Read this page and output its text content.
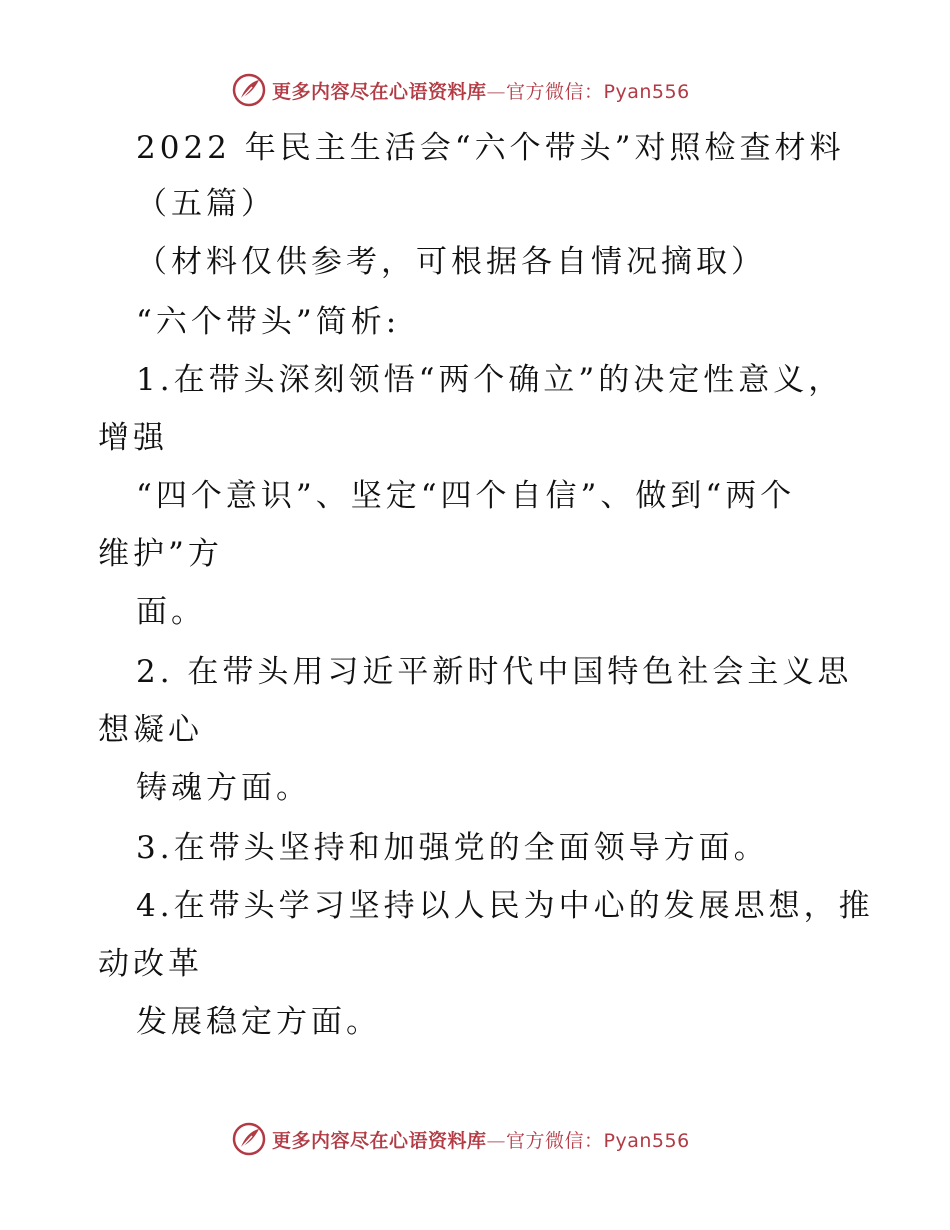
更多内容尽在心语资料库—官方微信：Pyan556

2022 年民主生活会“六个带头”对照检查材料

（五篇）

（材料仅供参考，可根据各自情况摘取）

“六个带头”简析:

1.在带头深刻领悟“两个确立”的决定性意义，

增强

“四个意识”、坚定“四个自信”、做到“两个

维护”方

面。

2. 在带头用习近平新时代中国特色社会主义思

想凝心

铸魂方面。

3.在带头坚持和加强党的全面领导方面。

4.在带头学习坚持以人民为中心的发展思想，推

动改革

发展稳定方面。

更多内容尽在心语资料库—官方微信：Pyan556
